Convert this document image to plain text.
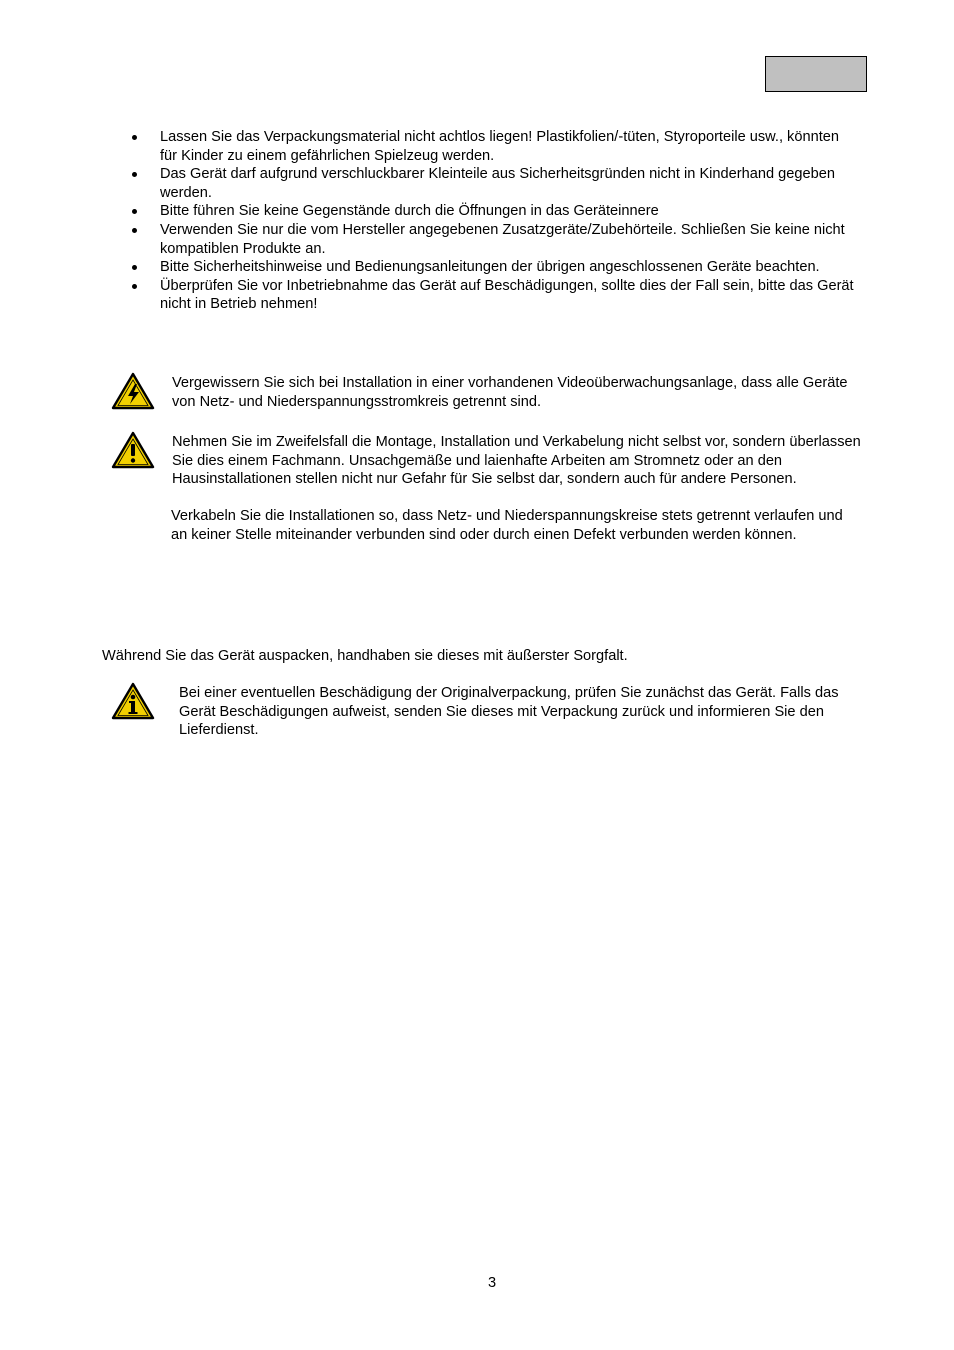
Lassen Sie das Verpackungsmaterial nicht achtlos liegen! Plastikfolien/-tüten, Styroporteile usw., könnten für Kinder zu einem gefährlichen Spielzeug werden.
Das Gerät darf aufgrund verschluckbarer Kleinteile aus Sicherheitsgründen nicht in Kinderhand gegeben werden.
Bitte führen Sie keine Gegenstände durch die Öffnungen in das Geräteinnere
Verwenden Sie nur die vom Hersteller angegebenen Zusatzgeräte/Zubehörteile. Schließen Sie keine nicht kompatiblen Produkte an.
Bitte Sicherheitshinweise und Bedienungsanleitungen der übrigen angeschlossenen Geräte beachten.
Überprüfen Sie vor Inbetriebnahme das Gerät auf Beschädigungen, sollte dies der Fall sein, bitte das Gerät nicht in Betrieb nehmen!

Vergewissern Sie sich bei Installation in einer vorhandenen Videoüberwachungsanlage, dass alle Geräte von Netz- und Niederspannungsstromkreis getrennt sind.

Nehmen Sie im Zweifelsfall die Montage, Installation und Verkabelung nicht selbst vor, sondern überlassen Sie dies einem Fachmann. Unsachgemäße und laienhafte Arbeiten am Stromnetz oder an den Hausinstallationen stellen nicht nur Gefahr für Sie selbst dar, sondern auch für andere Personen.

Verkabeln Sie die Installationen so, dass Netz- und Niederspannungskreise stets getrennt verlaufen und an keiner Stelle miteinander verbunden sind oder durch einen Defekt verbunden werden können.

Während Sie das Gerät auspacken, handhaben sie dieses mit äußerster Sorgfalt.

Bei einer eventuellen Beschädigung der Originalverpackung, prüfen Sie zunächst das Gerät. Falls das Gerät Beschädigungen aufweist, senden Sie dieses mit Verpackung zurück und informieren Sie den Lieferdienst.

3
